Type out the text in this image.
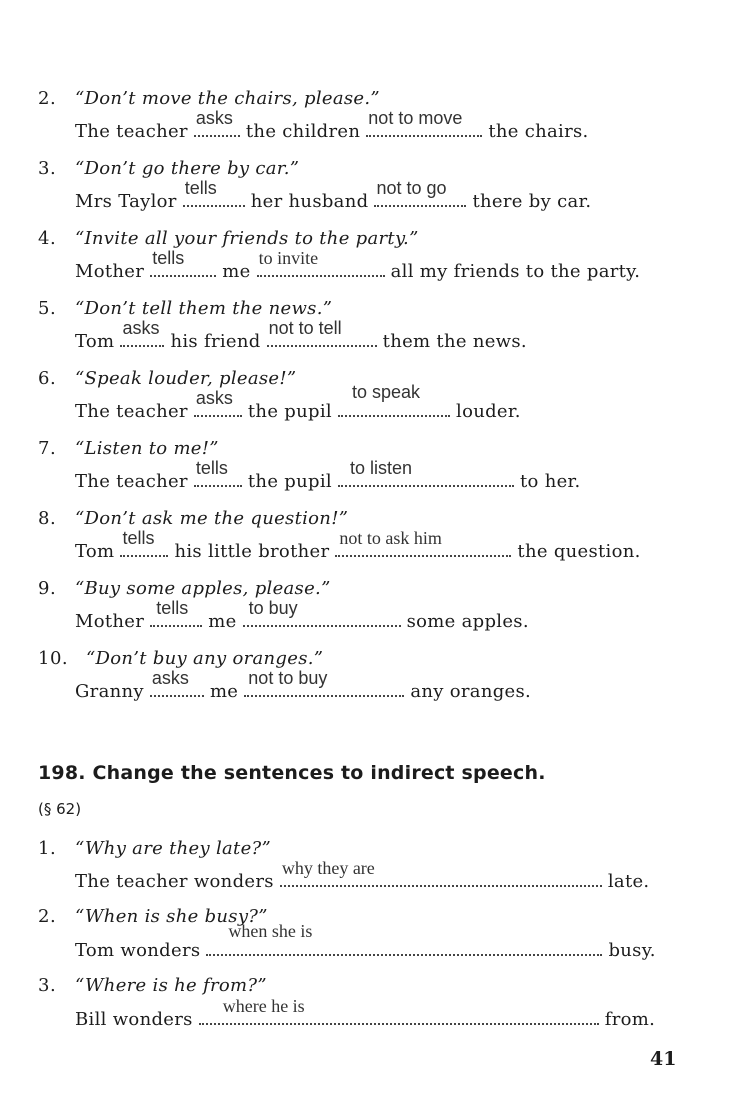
2. “Don’t move the chairs, please.”
The teacher
asks
the children
not to move
the chairs.
3. “Don’t go there by car.”
Mrs Taylor
tells
her husband
not to go
there by car.
4. “Invite all your friends to the party.”
Mother
tells
me
to invite
all my friends to the party.
5. “Don’t tell them the news.”
Tom
asks
his friend
not to tell
them the news.
6. “Speak louder, please!”
The teacher
asks
the pupil
to speak
louder.
7. “Listen to me!”
The teacher
tells
the pupil
to listen
to her.
8. “Don’t ask me the question!”
Tom
tells
his little brother
not to ask him
the question.
9. “Buy some apples, please.”
Mother
tells
me
to buy
some apples.
10. “Don’t buy any oranges.”
Granny
asks
me
not to buy
any oranges.
198. Change the sentences to indirect speech.
(§ 62)
1. “Why are they late?”
The teacher wonders
why they are
late.
2. “When is she busy?”
Tom wonders
when she is
busy.
3. “Where is he from?”
Bill wonders
where he is
from.
41
